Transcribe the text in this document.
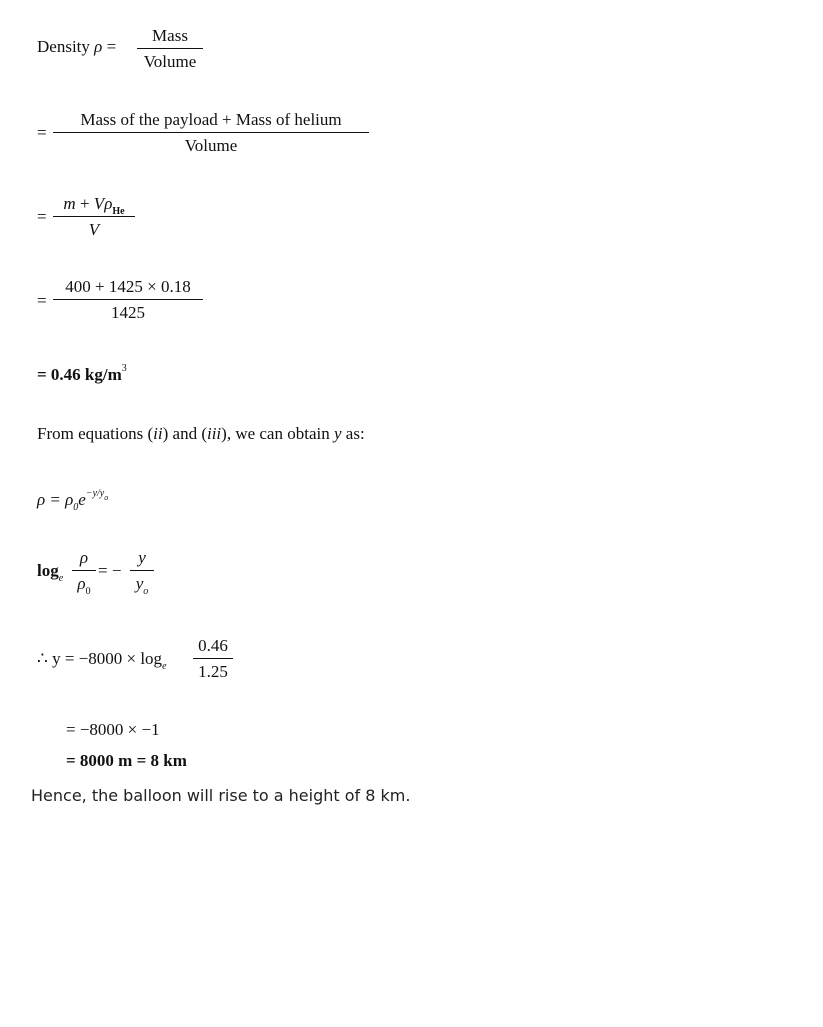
Density ρ =
Mass
Volume
=
Mass of the payload + Mass of helium
Volume
=
$m + V\rho_{He}$
V
=
400 + 1425 × 0.18
1425
= 0.46 $kg/m^3$
From equations (ii) and (iii), we can obtain y as:
$\rho = \rho_0e^{-y/yo}$
$\log_e$
ρ
$\rho_0$
= −
y
$y_o$
∴ $y = -8000 \times \log_e$
0.46
1.25
= −8000 × −1
= 8000 m = 8 km
Hence, the balloon will rise to a height of 8 km.
